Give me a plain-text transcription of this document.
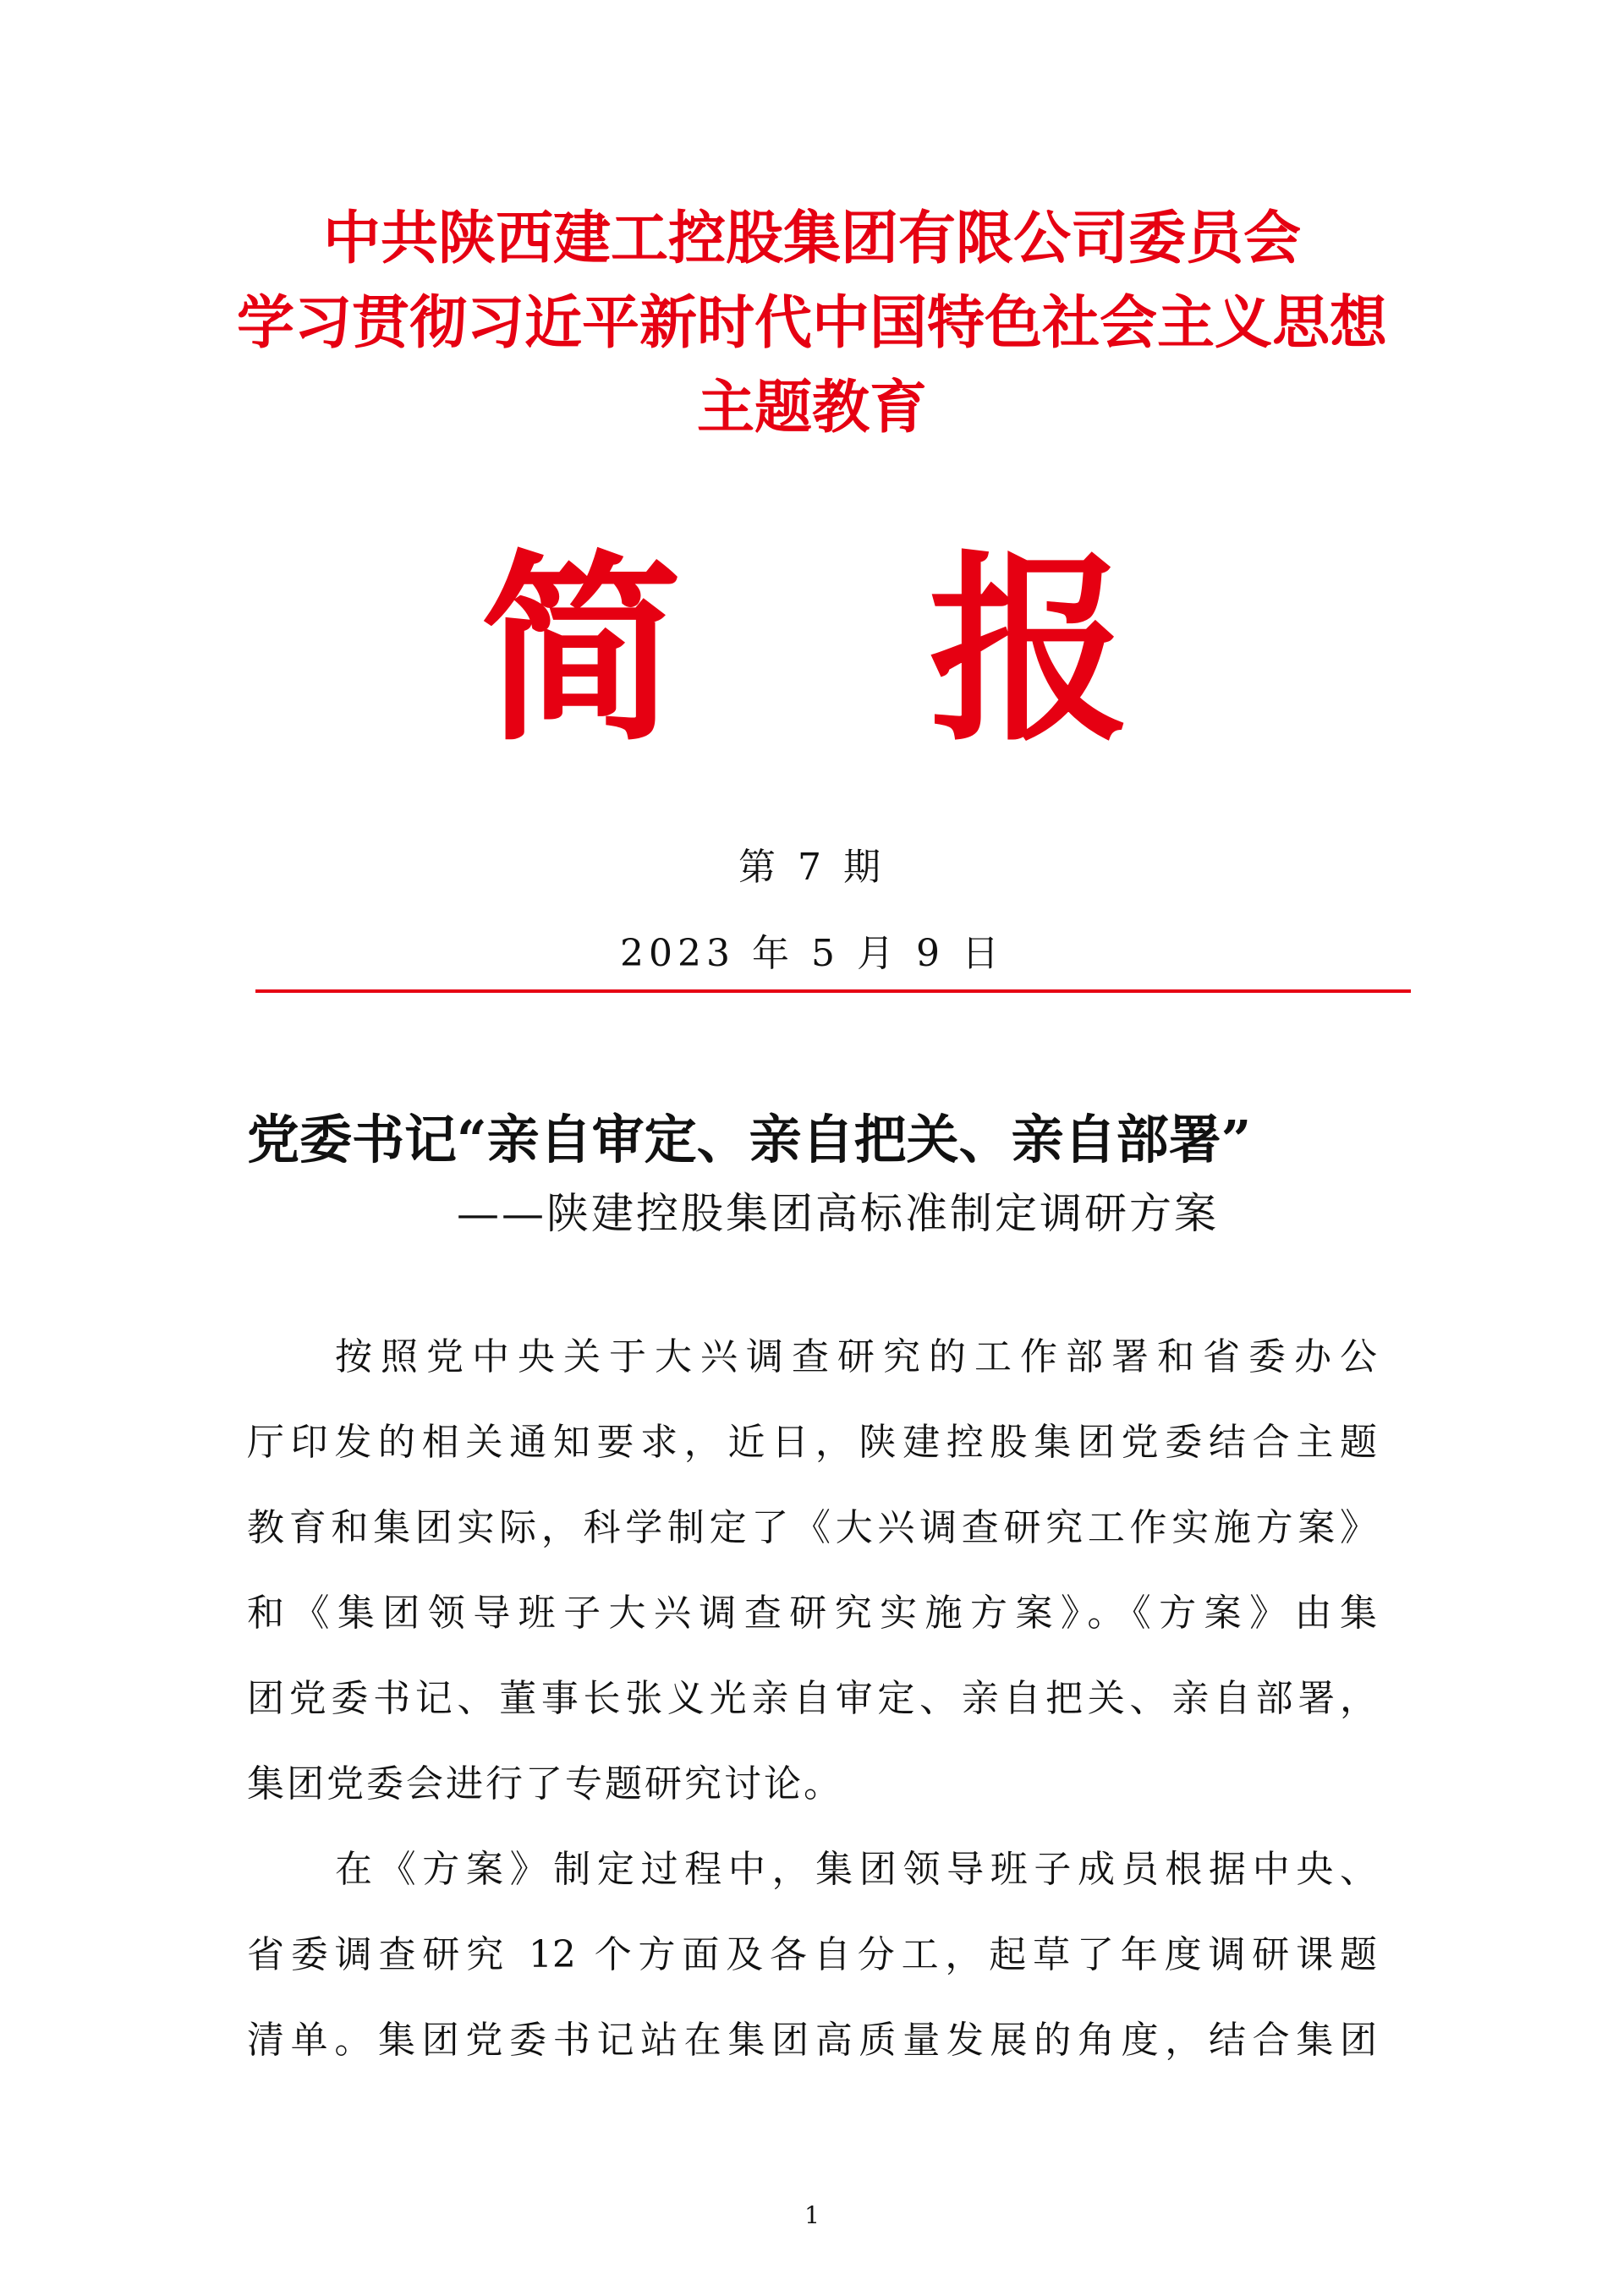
中共陕西建工控股集团有限公司委员会
学习贯彻习近平新时代中国特色社会主义思想
主题教育
简 报
第 7 期
2023 年 5 月 9 日
党委书记“亲自审定、亲自把关、亲自部署”
——陕建控股集团高标准制定调研方案
按照党中央关于大兴调查研究的工作部署和省委办公
厅印发的相关通知要求，近日，陕建控股集团党委结合主题
教育和集团实际，科学制定了《大兴调查研究工作实施方案》
和《集团领导班子大兴调查研究实施方案》。《方案》由集
团党委书记、董事长张义光亲自审定、亲自把关、亲自部署，
集团党委会进行了专题研究讨论。
在《方案》制定过程中，集团领导班子成员根据中央、
省委调查研究 12 个方面及各自分工，起草了年度调研课题
清单。集团党委书记站在集团高质量发展的角度，结合集团
1
